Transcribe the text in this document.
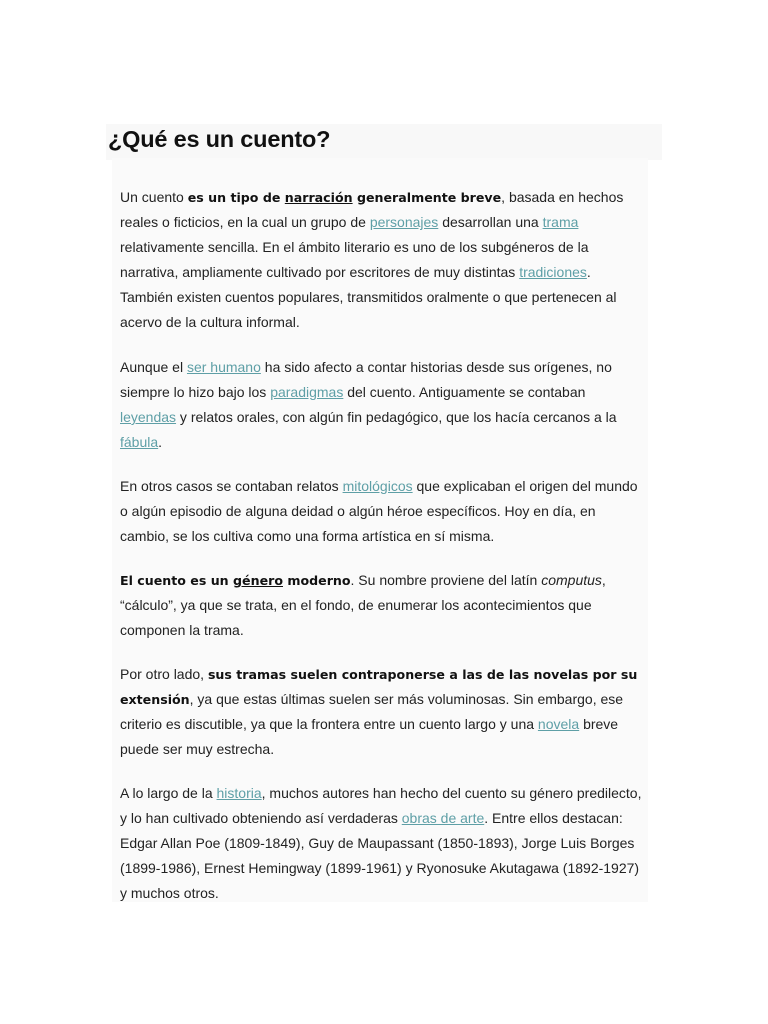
¿Qué es un cuento?

Un cuento es un tipo de narración generalmente breve, basada en hechos reales o ficticios, en la cual un grupo de personajes desarrollan una trama relativamente sencilla. En el ámbito literario es uno de los subgéneros de la narrativa, ampliamente cultivado por escritores de muy distintas tradiciones. También existen cuentos populares, transmitidos oralmente o que pertenecen al acervo de la cultura informal.

Aunque el ser humano ha sido afecto a contar historias desde sus orígenes, no siempre lo hizo bajo los paradigmas del cuento. Antiguamente se contaban leyendas y relatos orales, con algún fin pedagógico, que los hacía cercanos a la fábula.

En otros casos se contaban relatos mitológicos que explicaban el origen del mundo o algún episodio de alguna deidad o algún héroe específicos. Hoy en día, en cambio, se los cultiva como una forma artística en sí misma.

El cuento es un género moderno. Su nombre proviene del latín computus, “cálculo”, ya que se trata, en el fondo, de enumerar los acontecimientos que componen la trama.

Por otro lado, sus tramas suelen contraponerse a las de las novelas por su extensión, ya que estas últimas suelen ser más voluminosas. Sin embargo, ese criterio es discutible, ya que la frontera entre un cuento largo y una novela breve puede ser muy estrecha.

A lo largo de la historia, muchos autores han hecho del cuento su género predilecto, y lo han cultivado obteniendo así verdaderas obras de arte. Entre ellos destacan: Edgar Allan Poe (1809-1849), Guy de Maupassant (1850-1893), Jorge Luis Borges (1899-1986), Ernest Hemingway (1899-1961) y Ryonosuke Akutagawa (1892-1927) y muchos otros.
